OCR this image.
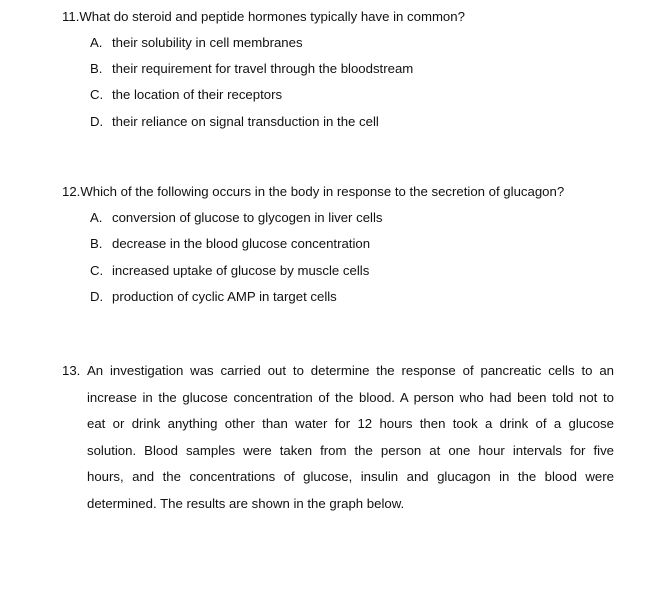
11.What do steroid and peptide hormones typically have in common?
A. their solubility in cell membranes
B. their requirement for travel through the bloodstream
C. the location of their receptors
D. their reliance on signal transduction in the cell
12.Which of the following occurs in the body in response to the secretion of glucagon?
A. conversion of glucose to glycogen in liver cells
B. decrease in the blood glucose concentration
C. increased uptake of glucose by muscle cells
D. production of cyclic AMP in target cells
13. An investigation was carried out to determine the response of pancreatic cells to an
increase in the glucose concentration of the blood. A person who had been told not to
eat or drink anything other than water for 12 hours then took a drink of a glucose
solution. Blood samples were taken from the person at one hour intervals for five
hours, and the concentrations of glucose, insulin and glucagon in the blood were
determined. The results are shown in the graph below.
